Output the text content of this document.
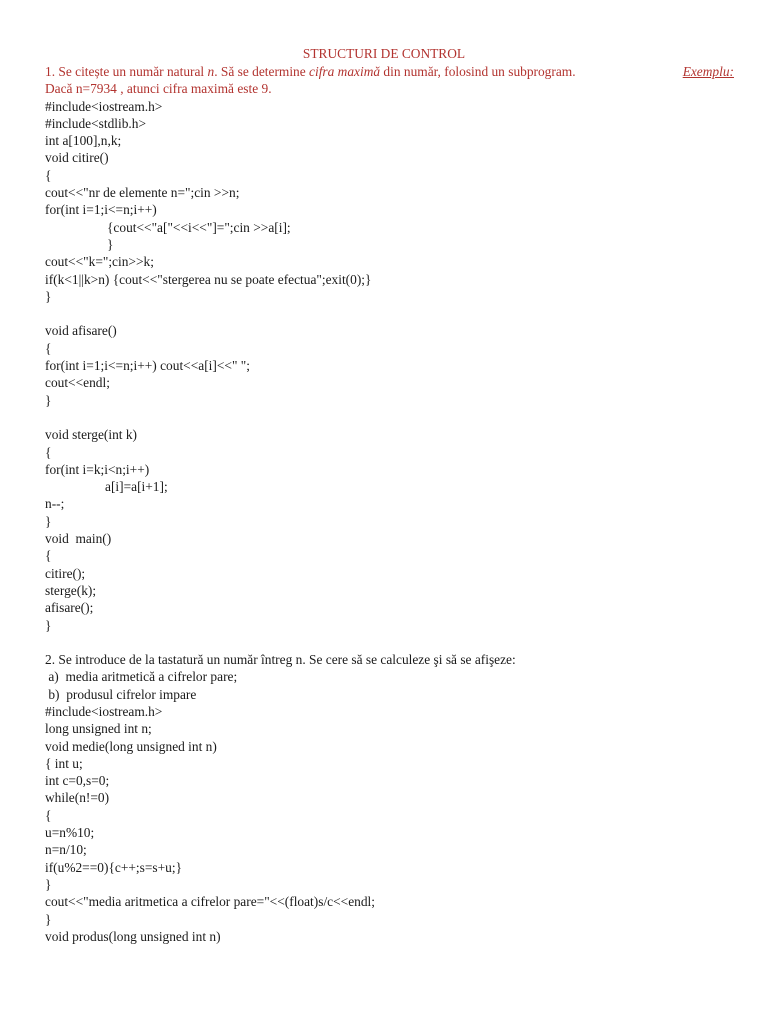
STRUCTURI DE CONTROL
Exemplu:
1. Se citește un număr natural n. Să se determine cifra maximă din număr, folosind un subprogram.
Dacă n=7934 , atunci cifra maximă este 9.
#include<iostream.h>
#include<stdlib.h>
int a[100],n,k;
void citire()
{
cout<<"nr de elemente n=";cin >>n;
for(int i=1;i<=n;i++)
{cout<<"a["<<i<<"]=";cin >>a[i];
}
cout<<"k=";cin>>k;
if(k<1||k>n) {cout<<"stergerea nu se poate efectua";exit(0);}
}
void afisare()
{
for(int i=1;i<=n;i++) cout<<a[i]<<" ";
cout<<endl;
}
void sterge(int k)
{
for(int i=k;i<n;i++)
a[i]=a[i+1];
n--;
}
void  main()
{
citire();
sterge(k);
afisare();
}
2. Se introduce de la tastatură un număr întreg n. Se cere să se calculeze şi să se afişeze:
a)  media aritmetică a cifrelor pare;
b)  produsul cifrelor impare
#include<iostream.h>
long unsigned int n;
void medie(long unsigned int n)
{ int u;
int c=0,s=0;
while(n!=0)
{
u=n%10;
n=n/10;
if(u%2==0){c++;s=s+u;}
}
cout<<"media aritmetica a cifrelor pare="<<(float)s/c<<endl;
}
void produs(long unsigned int n)
